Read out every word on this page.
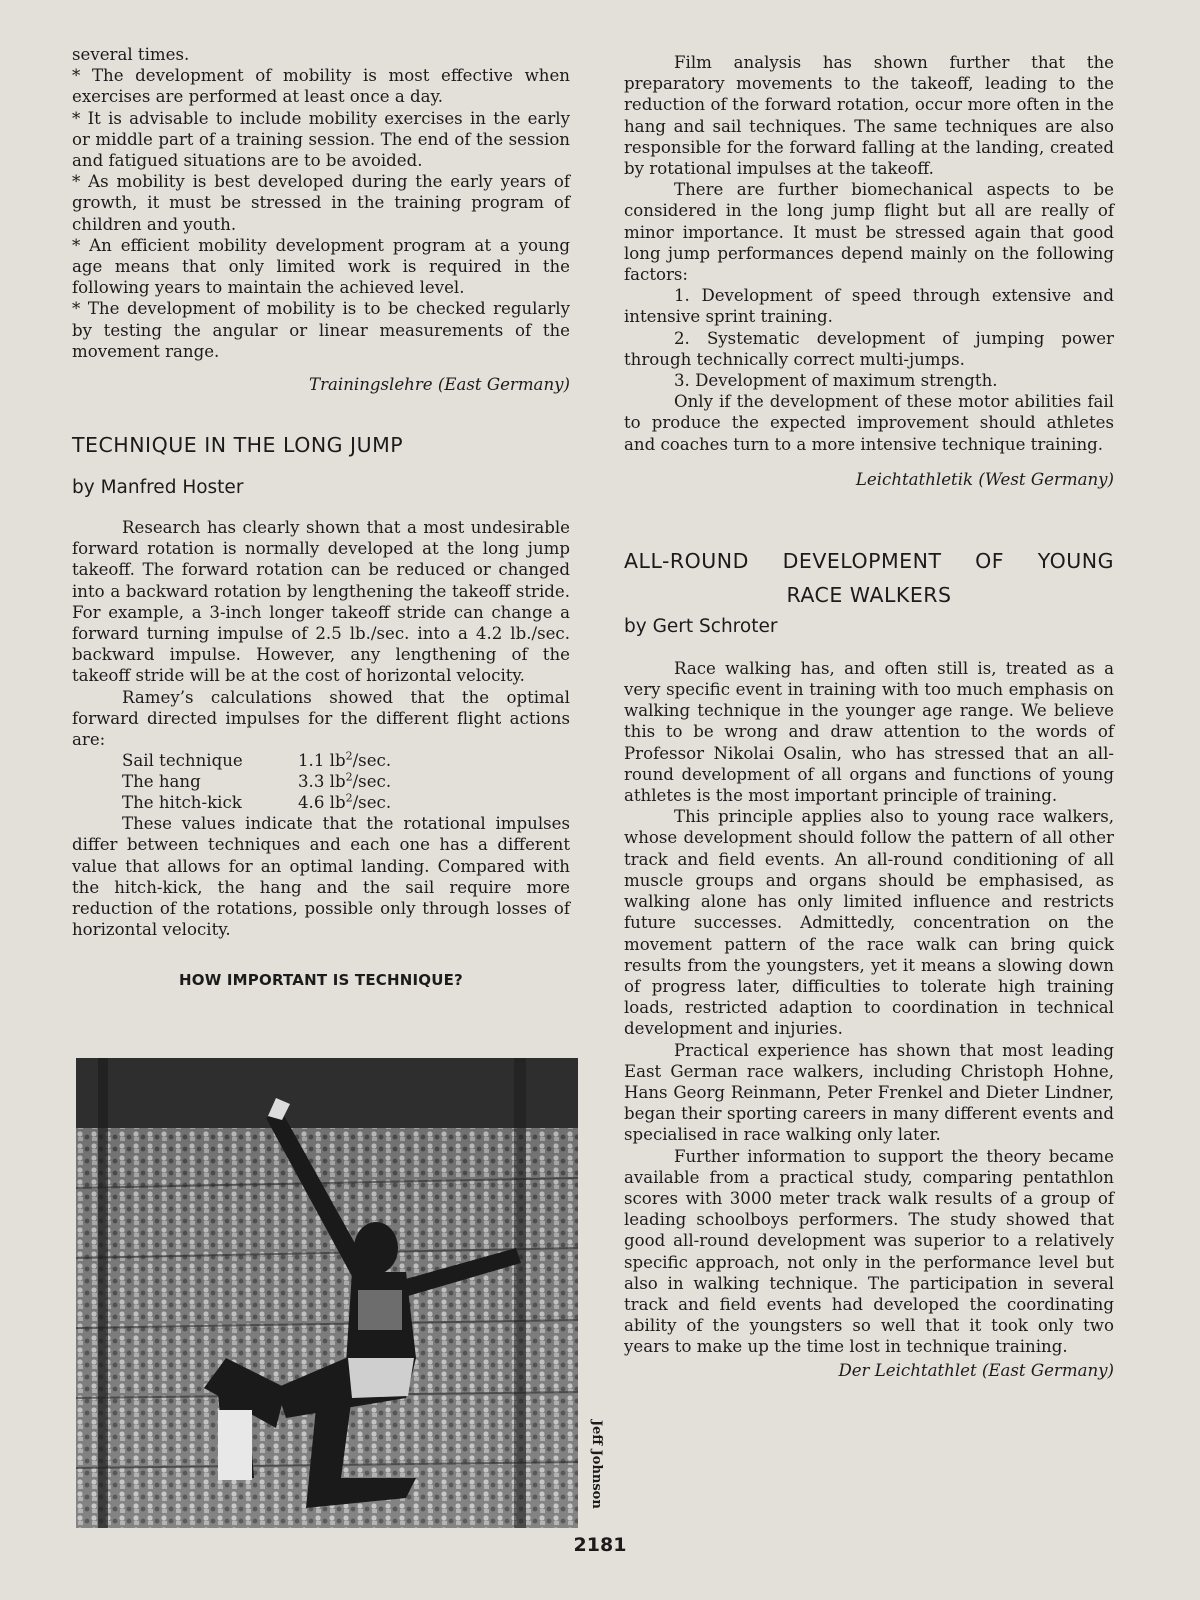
several times.

* The development of mobility is most effective when exercises are performed at least once a day.

* It is advisable to include mobility exercises in the early or middle part of a training session. The end of the session and fatigued situations are to be avoided.

* As mobility is best developed during the early years of growth, it must be stressed in the training program of children and youth.

* An efficient mobility development program at a young age means that only limited work is required in the following years to maintain the achieved level.

* The development of mobility is to be checked regularly by testing the angular or linear measurements of the movement range.

Trainingslehre (East Germany)
TECHNIQUE IN THE LONG JUMP
by Manfred Hoster

Research has clearly shown that a most undesirable forward rotation is normally developed at the long jump takeoff. The forward rotation can be reduced or changed into a backward rotation by lengthening the takeoff stride. For example, a 3-inch longer takeoff stride can change a forward turning impulse of 2.5 lb./sec. into a 4.2 lb./sec. backward impulse. However, any lengthening of the takeoff stride will be at the cost of horizontal velocity.

Ramey’s calculations showed that the optimal forward directed impulses for the different flight actions are:

Sail technique	1.1 $lb^2/\sec$.
The hang	3.3 $lb^2/\sec$.
The hitch-kick	4.6 $lb^2/\sec$.

These values indicate that the rotational impulses differ between techniques and each one has a different value that allows for an optimal landing. Compared with the hitch-kick, the hang and the sail require more reduction of the rotations, possible only through losses of horizontal velocity.

HOW IMPORTANT IS TECHNIQUE?
Jeff Johnson

Film analysis has shown further that the preparatory movements to the takeoff, leading to the reduction of the forward rotation, occur more often in the hang and sail techniques. The same techniques are also responsible for the forward falling at the landing, created by rotational impulses at the takeoff.

There are further biomechanical aspects to be considered in the long jump flight but all are really of minor importance. It must be stressed again that good long jump performances depend mainly on the following factors:

1. Development of speed through extensive and intensive sprint training.

2. Systematic development of jumping power through technically correct multi-jumps.

3. Development of maximum strength.

Only if the development of these motor abilities fail to produce the expected improvement should athletes and coaches turn to a more intensive technique training.

Leichtathletik (West Germany)
ALL-ROUND DEVELOPMENT OF YOUNG
RACE WALKERS
by Gert Schroter

Race walking has, and often still is, treated as a very specific event in training with too much emphasis on walking technique in the younger age range. We believe this to be wrong and draw attention to the words of Professor Nikolai Osalin, who has stressed that an all-round development of all organs and functions of young athletes is the most important principle of training.

This principle applies also to young race walkers, whose development should follow the pattern of all other track and field events. An all-round conditioning of all muscle groups and organs should be emphasised, as walking alone has only limited influence and restricts future successes. Admittedly, concentration on the movement pattern of the race walk can bring quick results from the youngsters, yet it means a slowing down of progress later, difficulties to tolerate high training loads, restricted adaption to coordination in technical development and injuries.

Practical experience has shown that most leading East German race walkers, including Christoph Hohne, Hans Georg Reinmann, Peter Frenkel and Dieter Lindner, began their sporting careers in many different events and specialised in race walking only later.

Further information to support the theory became available from a practical study, comparing pentathlon scores with 3000 meter track walk results of a group of leading schoolboys performers. The study showed that good all-round development was superior to a relatively specific approach, not only in the performance level but also in walking technique. The participation in several track and field events had developed the coordinating ability of the youngsters so well that it took only two years to make up the time lost in technique training.

Der Leichtathlet (East Germany)
2181
